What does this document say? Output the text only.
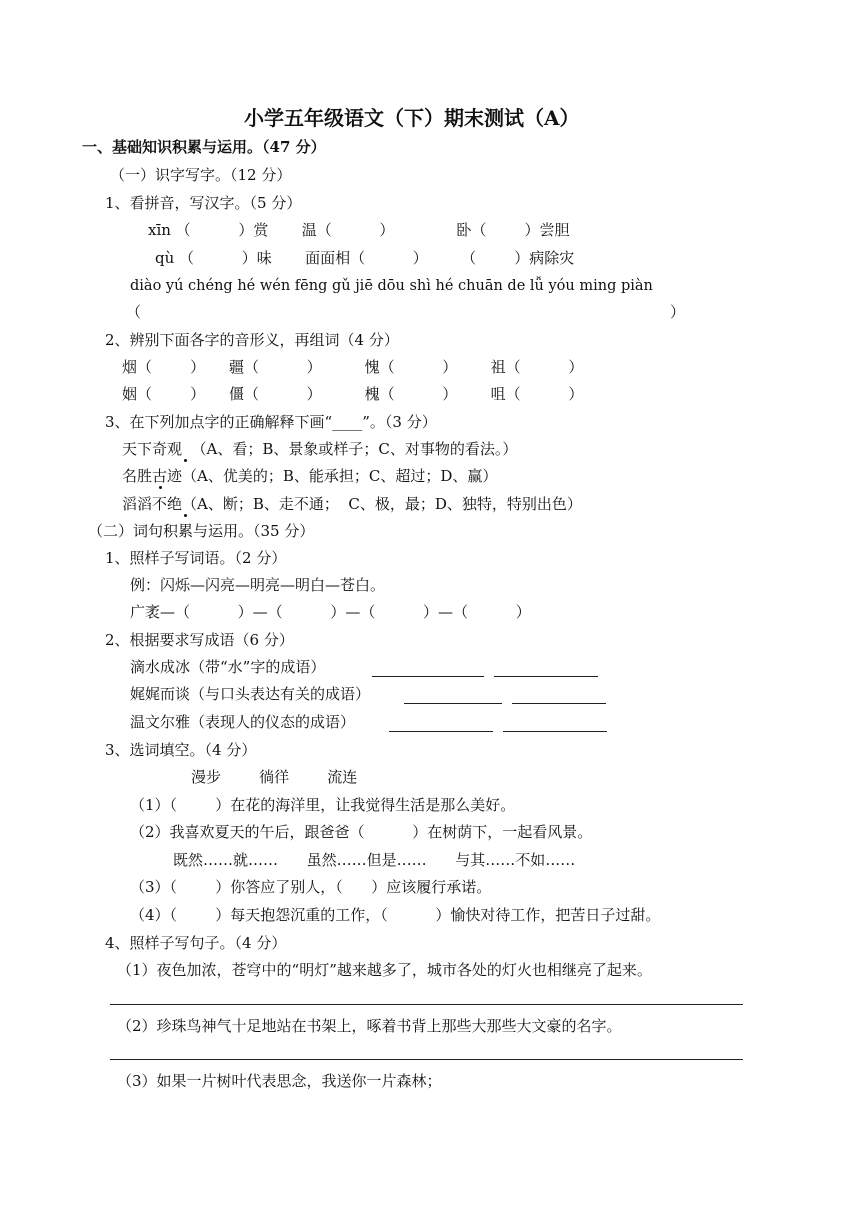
小学五年级语文（下）期末测试（A）
一、基础知识积累与运用。（47 分）
（一）识字写字。（12 分）
1、看拼音，写汉字。（5 分）
xīn （          ）赏       温（          ）             卧（        ）尝胆
qù （          ）味       面面相（          ）       （        ）病除灾
diào yú chéng hé wén fēng gǔ jiē dōu shì hé chuān de lǚ yóu ming piàn
（	）
2、辨别下面各字的音形义，再组词（4 分）
烟（        ）     疆（          ）         愧（          ）       祖（          ）
姻（        ）     僵（          ）         槐（          ）       咀（          ）
3、在下列加点字的正确解释下画“____”。（3 分）
天下奇观  （A、看；B、景象或样子；C、对事物的看法。）
名胜古迹（A、优美的；B、能承担；C、超过；D、赢）
滔滔不绝（A、断；B、走不通；  C、极，最；D、独特，特别出色）
（二）词句积累与运用。（35 分）
1、照样子写词语。（2 分）
例：闪烁—闪亮—明亮—明白—苍白。
广袤—（          ）—（          ）—（          ）—（          ）
2、根据要求写成语（6 分）
滴水成冰（带“水”字的成语）
娓娓而谈（与口头表达有关的成语）
温文尔雅（表现人的仪态的成语）
3、选词填空。（4 分）
漫步        徜徉        流连
（1）（        ）在花的海洋里，让我觉得生活是那么美好。
（2）我喜欢夏天的午后，跟爸爸（          ）在树荫下，一起看风景。
既然……就……      虽然……但是……      与其……不如……
（3）（        ）你答应了别人，（      ）应该履行承诺。
（4）（        ）每天抱怨沉重的工作，（          ）愉快对待工作，把苦日子过甜。
4、照样子写句子。（4 分）
（1）夜色加浓，苍穹中的“明灯”越来越多了，城市各处的灯火也相继亮了起来。
（2）珍珠鸟神气十足地站在书架上，啄着书背上那些大那些大文豪的名字。
（3）如果一片树叶代表思念，我送你一片森林；
